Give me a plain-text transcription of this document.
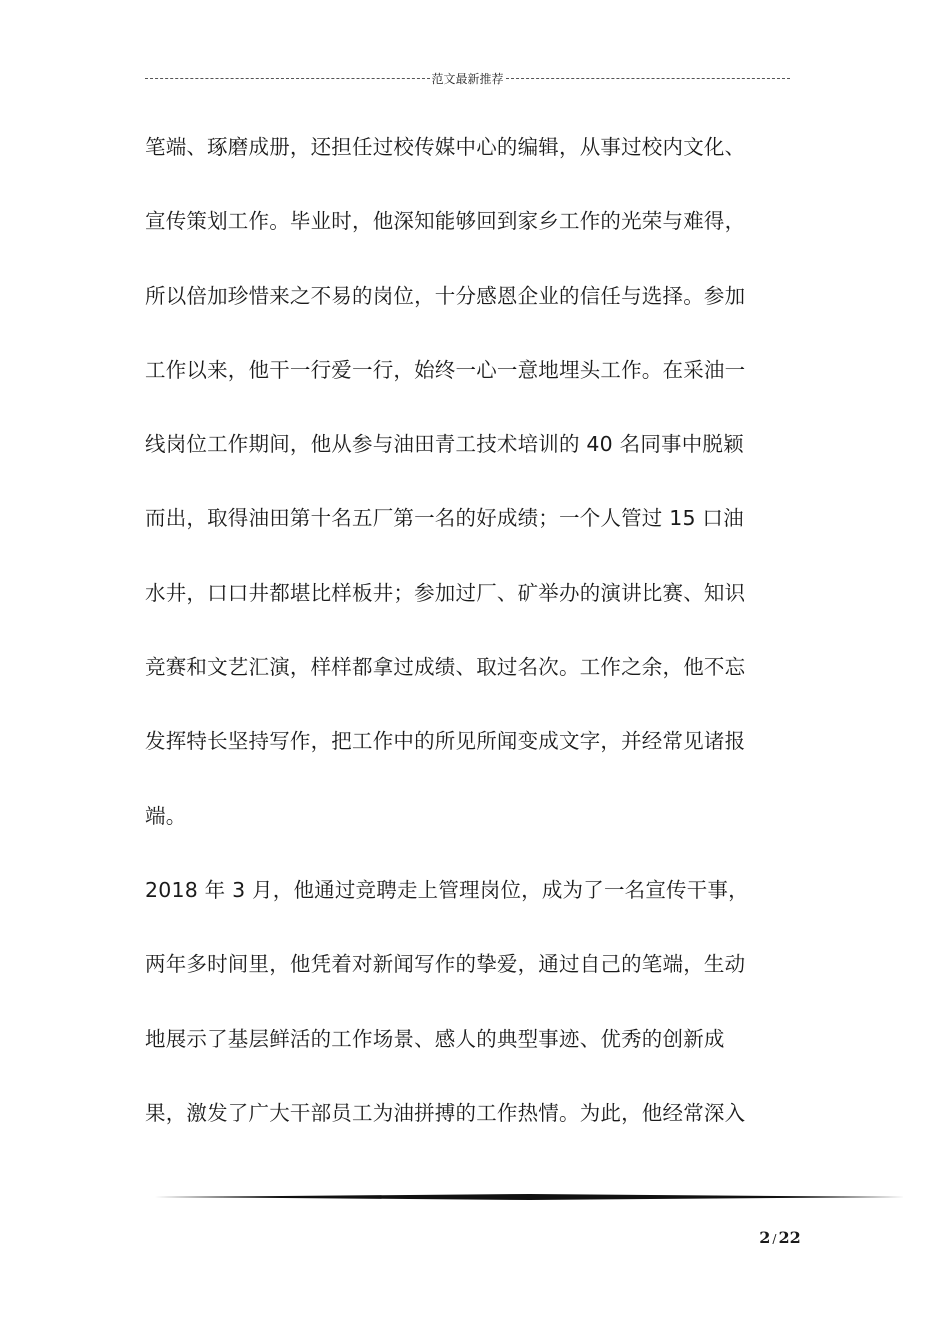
范文最新推荐
笔端、琢磨成册，还担任过校传媒中心的编辑，从事过校内文化、
宣传策划工作。毕业时，他深知能够回到家乡工作的光荣与难得，
所以倍加珍惜来之不易的岗位，十分感恩企业的信任与选择。参加
工作以来，他干一行爱一行，始终一心一意地埋头工作。在采油一
线岗位工作期间，他从参与油田青工技术培训的 40 名同事中脱颖
而出，取得油田第十名五厂第一名的好成绩；一个人管过 15 口油
水井，口口井都堪比样板井；参加过厂、矿举办的演讲比赛、知识
竞赛和文艺汇演，样样都拿过成绩、取过名次。工作之余，他不忘
发挥特长坚持写作，把工作中的所见所闻变成文字，并经常见诸报
端。
2018 年 3 月，他通过竞聘走上管理岗位，成为了一名宣传干事，
两年多时间里，他凭着对新闻写作的挚爱，通过自己的笔端，生动
地展示了基层鲜活的工作场景、感人的典型事迹、优秀的创新成
果，激发了广大干部员工为油拼搏的工作热情。为此，他经常深入
2 / 22
